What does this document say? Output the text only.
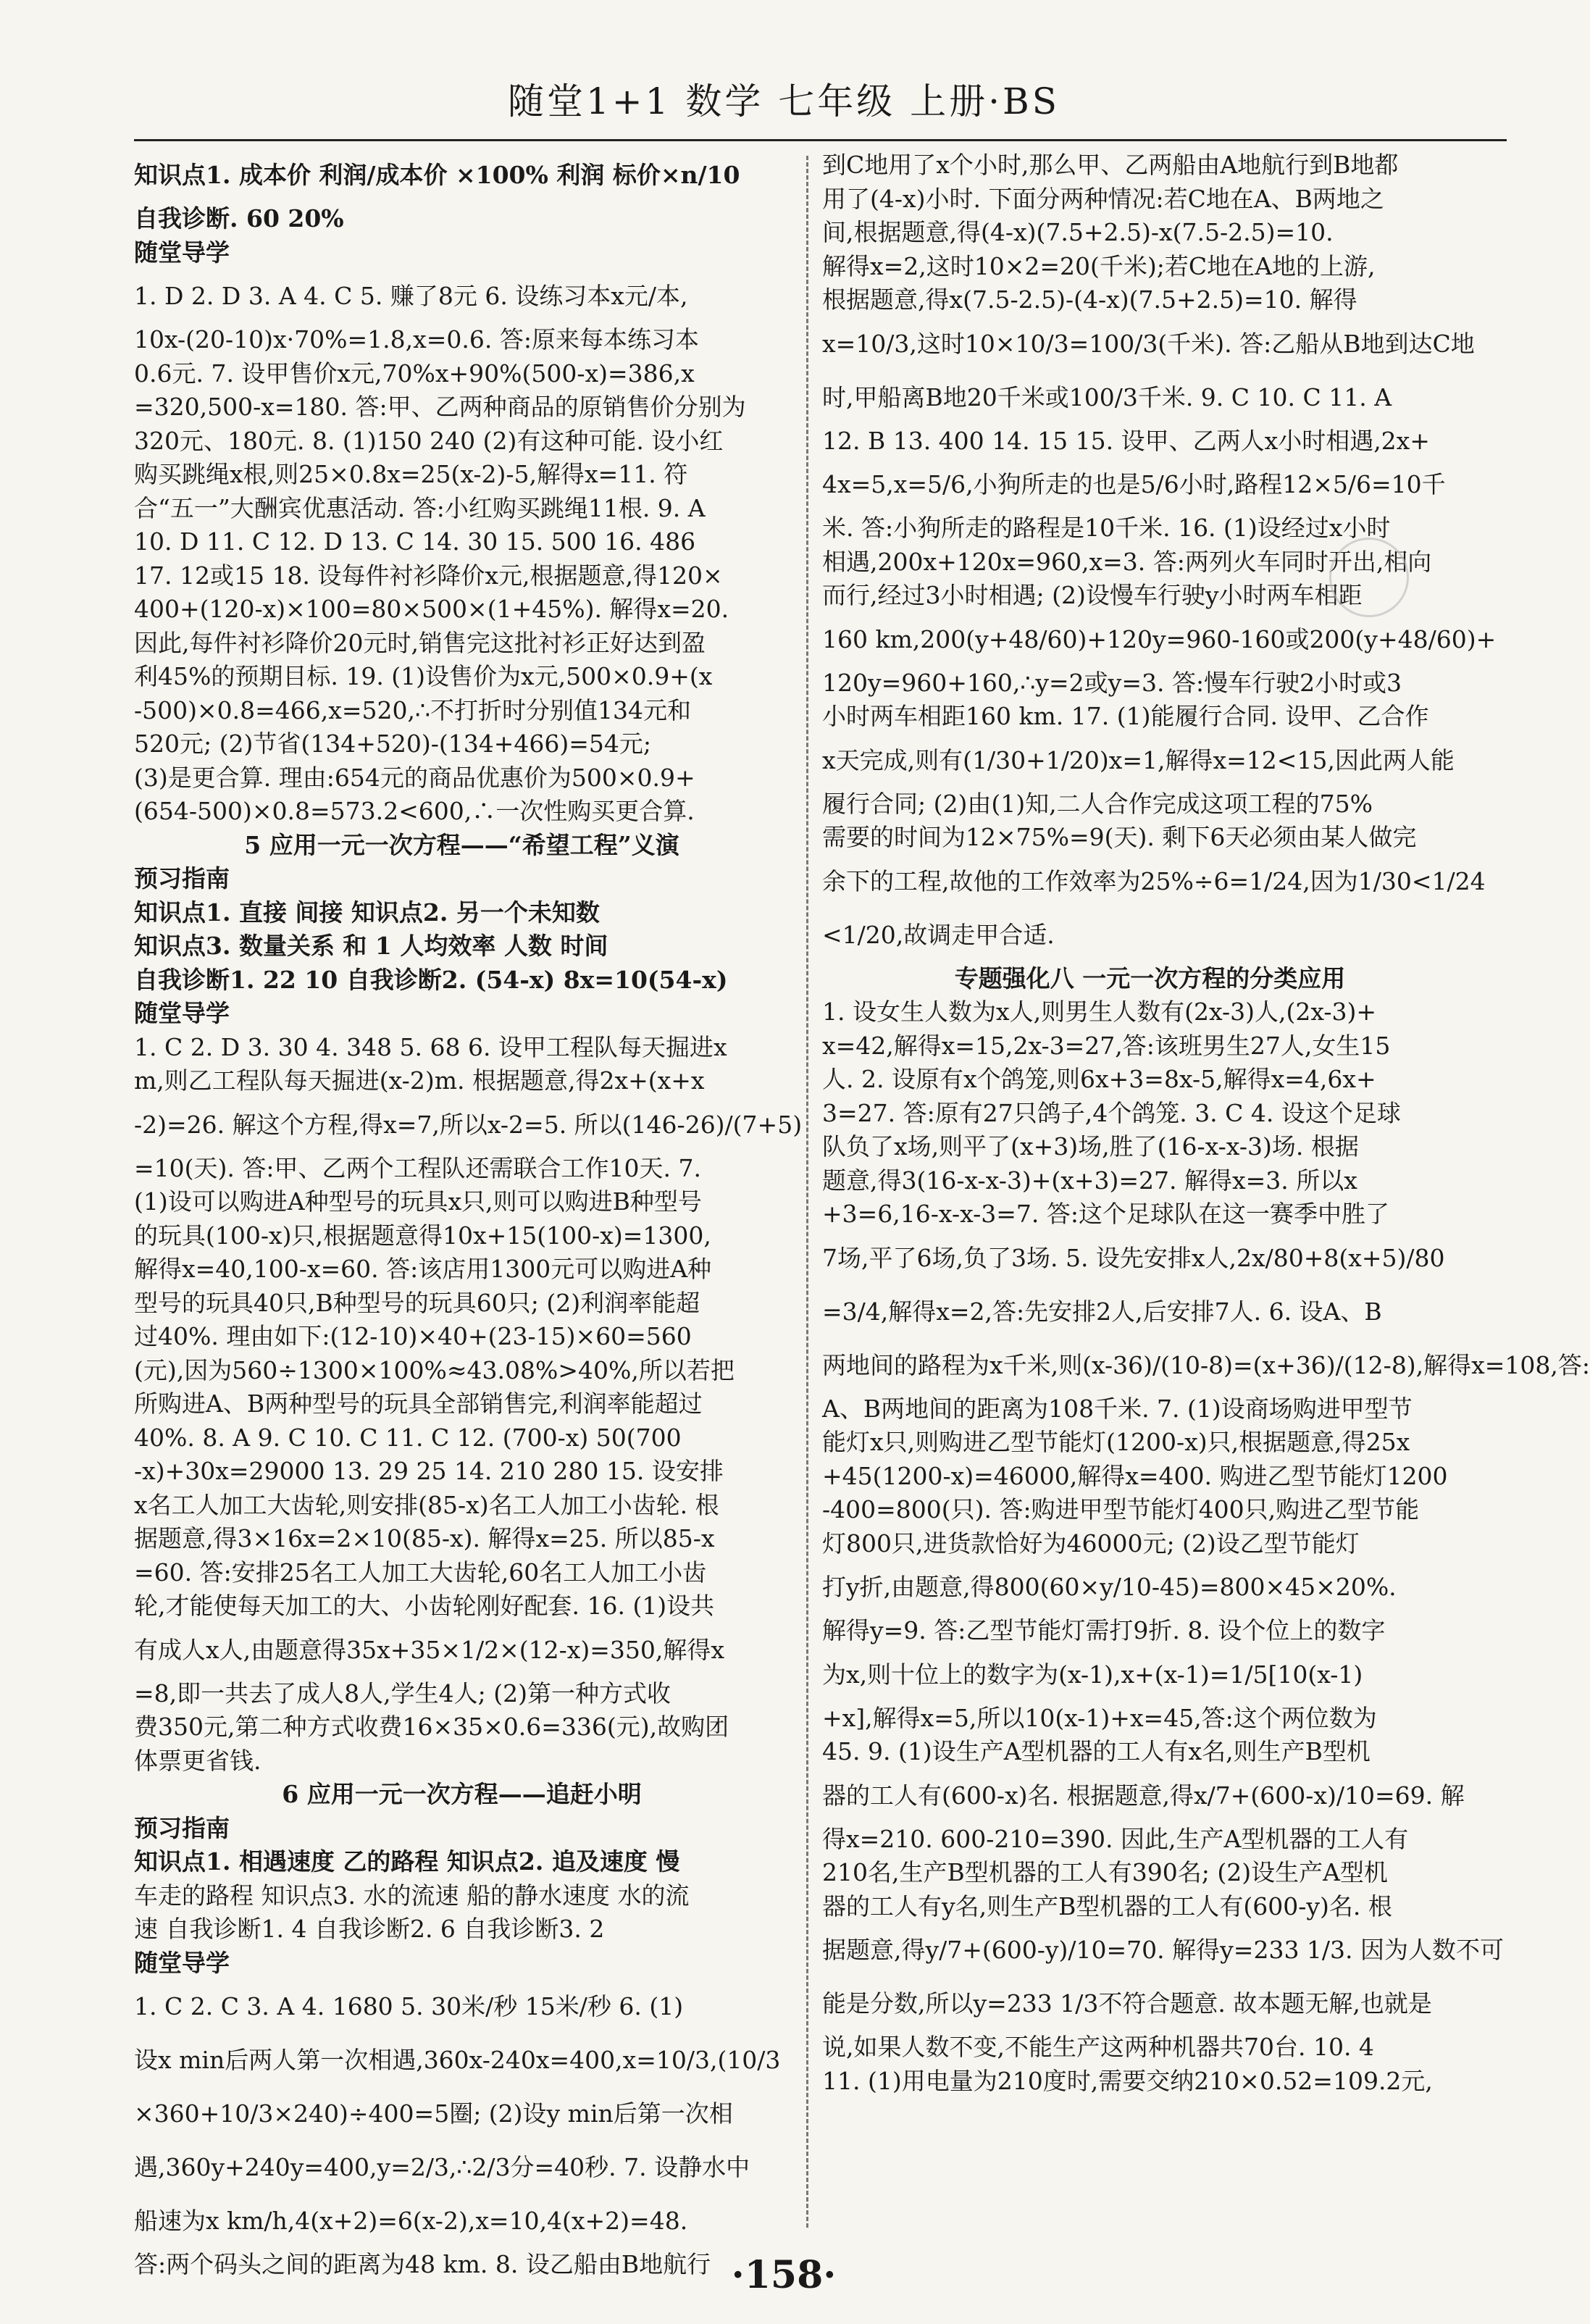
随堂1+1 数学 七年级 上册·BS
知识点1. 成本价 利润/成本价 ×100% 利润 标价×n/10
自我诊断. 60 20%
随堂导学
1. D 2. D 3. A 4. C 5. 赚了8元 6. 设练习本x元/本,
10x-(20-10)x·70%=1.8,x=0.6. 答:原来每本练习本
0.6元. 7. 设甲售价x元,70%x+90%(500-x)=386,x
=320,500-x=180. 答:甲、乙两种商品的原销售价分别为
320元、180元. 8. (1)150 240 (2)有这种可能. 设小红
购买跳绳x根,则25×0.8x=25(x-2)-5,解得x=11. 符
合“五一”大酬宾优惠活动. 答:小红购买跳绳11根. 9. A
10. D 11. C 12. D 13. C 14. 30 15. 500 16. 486
17. 12或15 18. 设每件衬衫降价x元,根据题意,得120×
400+(120-x)×100=80×500×(1+45%). 解得x=20.
因此,每件衬衫降价20元时,销售完这批衬衫正好达到盈
利45%的预期目标. 19. (1)设售价为x元,500×0.9+(x
-500)×0.8=466,x=520,∴不打折时分别值134元和
520元; (2)节省(134+520)-(134+466)=54元;
(3)是更合算. 理由:654元的商品优惠价为500×0.9+
(654-500)×0.8=573.2<600,∴一次性购买更合算.
5 应用一元一次方程——“希望工程”义演
预习指南
知识点1. 直接 间接 知识点2. 另一个未知数
知识点3. 数量关系 和 1 人均效率 人数 时间
自我诊断1. 22 10 自我诊断2. (54-x) 8x=10(54-x)
随堂导学
1. C 2. D 3. 30 4. 348 5. 68 6. 设甲工程队每天掘进x
m,则乙工程队每天掘进(x-2)m. 根据题意,得2x+(x+x
-2)=26. 解这个方程,得x=7,所以x-2=5. 所以(146-26)/(7+5)
=10(天). 答:甲、乙两个工程队还需联合工作10天. 7.
(1)设可以购进A种型号的玩具x只,则可以购进B种型号
的玩具(100-x)只,根据题意得10x+15(100-x)=1300,
解得x=40,100-x=60. 答:该店用1300元可以购进A种
型号的玩具40只,B种型号的玩具60只; (2)利润率能超
过40%. 理由如下:(12-10)×40+(23-15)×60=560
(元),因为560÷1300×100%≈43.08%>40%,所以若把
所购进A、B两种型号的玩具全部销售完,利润率能超过
40%. 8. A 9. C 10. C 11. C 12. (700-x) 50(700
-x)+30x=29000 13. 29 25 14. 210 280 15. 设安排
x名工人加工大齿轮,则安排(85-x)名工人加工小齿轮. 根
据题意,得3×16x=2×10(85-x). 解得x=25. 所以85-x
=60. 答:安排25名工人加工大齿轮,60名工人加工小齿
轮,才能使每天加工的大、小齿轮刚好配套. 16. (1)设共
有成人x人,由题意得35x+35×1/2×(12-x)=350,解得x
=8,即一共去了成人8人,学生4人; (2)第一种方式收
费350元,第二种方式收费16×35×0.6=336(元),故购团
体票更省钱.
6 应用一元一次方程——追赶小明
预习指南
知识点1. 相遇速度 乙的路程 知识点2. 追及速度 慢
车走的路程 知识点3. 水的流速 船的静水速度 水的流
速 自我诊断1. 4 自我诊断2. 6 自我诊断3. 2
随堂导学
1. C 2. C 3. A 4. 1680 5. 30米/秒 15米/秒 6. (1)
设x min后两人第一次相遇,360x-240x=400,x=10/3,(10/3
×360+10/3×240)÷400=5圈; (2)设y min后第一次相
遇,360y+240y=400,y=2/3,∴2/3分=40秒. 7. 设静水中
船速为x km/h,4(x+2)=6(x-2),x=10,4(x+2)=48.
答:两个码头之间的距离为48 km. 8. 设乙船由B地航行
到C地用了x个小时,那么甲、乙两船由A地航行到B地都
用了(4-x)小时. 下面分两种情况:若C地在A、B两地之
间,根据题意,得(4-x)(7.5+2.5)-x(7.5-2.5)=10.
解得x=2,这时10×2=20(千米);若C地在A地的上游,
根据题意,得x(7.5-2.5)-(4-x)(7.5+2.5)=10. 解得
x=10/3,这时10×10/3=100/3(千米). 答:乙船从B地到达C地
时,甲船离B地20千米或100/3千米. 9. C 10. C 11. A
12. B 13. 400 14. 15 15. 设甲、乙两人x小时相遇,2x+
4x=5,x=5/6,小狗所走的也是5/6小时,路程12×5/6=10千
米. 答:小狗所走的路程是10千米. 16. (1)设经过x小时
相遇,200x+120x=960,x=3. 答:两列火车同时开出,相向
而行,经过3小时相遇; (2)设慢车行驶y小时两车相距
160 km,200(y+48/60)+120y=960-160或200(y+48/60)+
120y=960+160,∴y=2或y=3. 答:慢车行驶2小时或3
小时两车相距160 km. 17. (1)能履行合同. 设甲、乙合作
x天完成,则有(1/30+1/20)x=1,解得x=12<15,因此两人能
履行合同; (2)由(1)知,二人合作完成这项工程的75%
需要的时间为12×75%=9(天). 剩下6天必须由某人做完
余下的工程,故他的工作效率为25%÷6=1/24,因为1/30<1/24
<1/20,故调走甲合适.
专题强化八 一元一次方程的分类应用
1. 设女生人数为x人,则男生人数有(2x-3)人,(2x-3)+
x=42,解得x=15,2x-3=27,答:该班男生27人,女生15
人. 2. 设原有x个鸽笼,则6x+3=8x-5,解得x=4,6x+
3=27. 答:原有27只鸽子,4个鸽笼. 3. C 4. 设这个足球
队负了x场,则平了(x+3)场,胜了(16-x-x-3)场. 根据
题意,得3(16-x-x-3)+(x+3)=27. 解得x=3. 所以x
+3=6,16-x-x-3=7. 答:这个足球队在这一赛季中胜了
7场,平了6场,负了3场. 5. 设先安排x人,2x/80+8(x+5)/80
=3/4,解得x=2,答:先安排2人,后安排7人. 6. 设A、B
两地间的路程为x千米,则(x-36)/(10-8)=(x+36)/(12-8),解得x=108,答:
A、B两地间的距离为108千米. 7. (1)设商场购进甲型节
能灯x只,则购进乙型节能灯(1200-x)只,根据题意,得25x
+45(1200-x)=46000,解得x=400. 购进乙型节能灯1200
-400=800(只). 答:购进甲型节能灯400只,购进乙型节能
灯800只,进货款恰好为46000元; (2)设乙型节能灯
打y折,由题意,得800(60×y/10-45)=800×45×20%.
解得y=9. 答:乙型节能灯需打9折. 8. 设个位上的数字
为x,则十位上的数字为(x-1),x+(x-1)=1/5[10(x-1)
+x],解得x=5,所以10(x-1)+x=45,答:这个两位数为
45. 9. (1)设生产A型机器的工人有x名,则生产B型机
器的工人有(600-x)名. 根据题意,得x/7+(600-x)/10=69. 解
得x=210. 600-210=390. 因此,生产A型机器的工人有
210名,生产B型机器的工人有390名; (2)设生产A型机
器的工人有y名,则生产B型机器的工人有(600-y)名. 根
据题意,得y/7+(600-y)/10=70. 解得y=233 1/3. 因为人数不可
能是分数,所以y=233 1/3不符合题意. 故本题无解,也就是
说,如果人数不变,不能生产这两种机器共70台. 10. 4
11. (1)用电量为210度时,需要交纳210×0.52=109.2元,
·158·
